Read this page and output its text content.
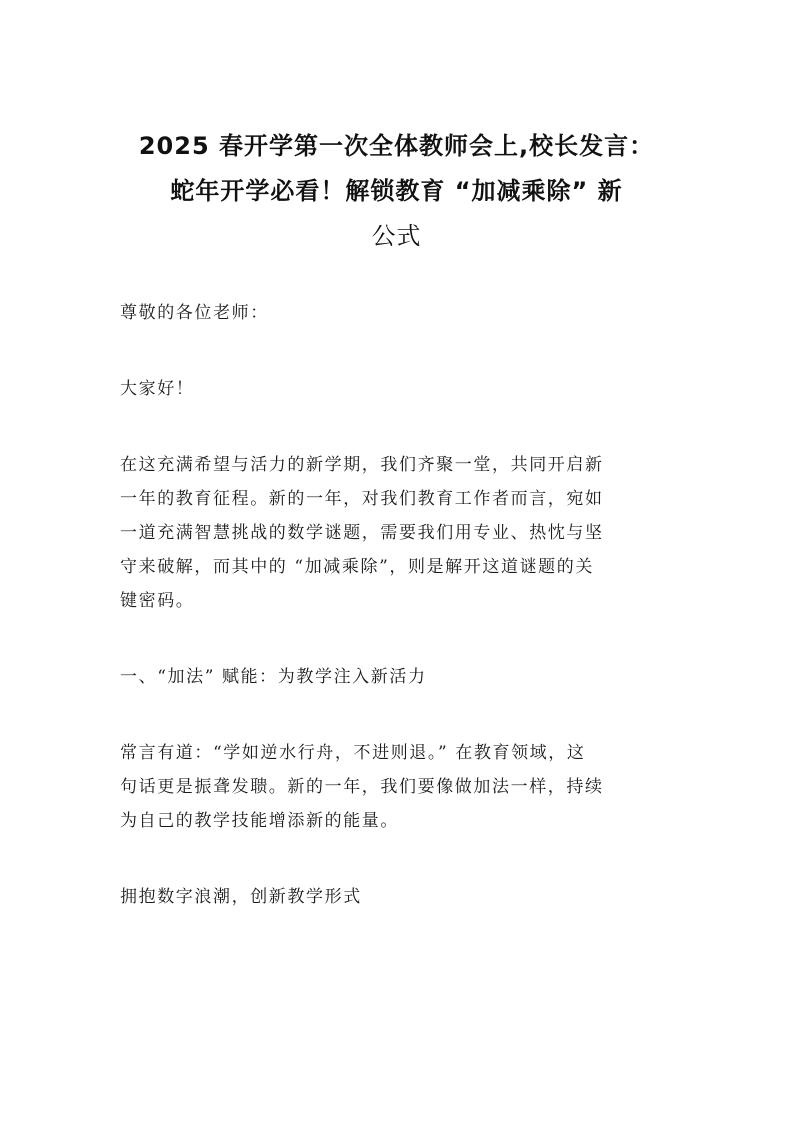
2025 春开学第一次全体教师会上,校长发言：
蛇年开学必看！解锁教育 “加减乘除” 新
公式

尊敬的各位老师：

大家好！

在这充满希望与活力的新学期，我们齐聚一堂，共同开启新
一年的教育征程。新的一年，对我们教育工作者而言，宛如
一道充满智慧挑战的数学谜题，需要我们用专业、热忱与坚
守来破解，而其中的 “加减乘除”，则是解开这道谜题的关
键密码。

一、“加法” 赋能：为教学注入新活力

常言有道：“学如逆水行舟，不进则退。” 在教育领域，这
句话更是振聋发聩。新的一年，我们要像做加法一样，持续
为自己的教学技能增添新的能量。

拥抱数字浪潮，创新教学形式
